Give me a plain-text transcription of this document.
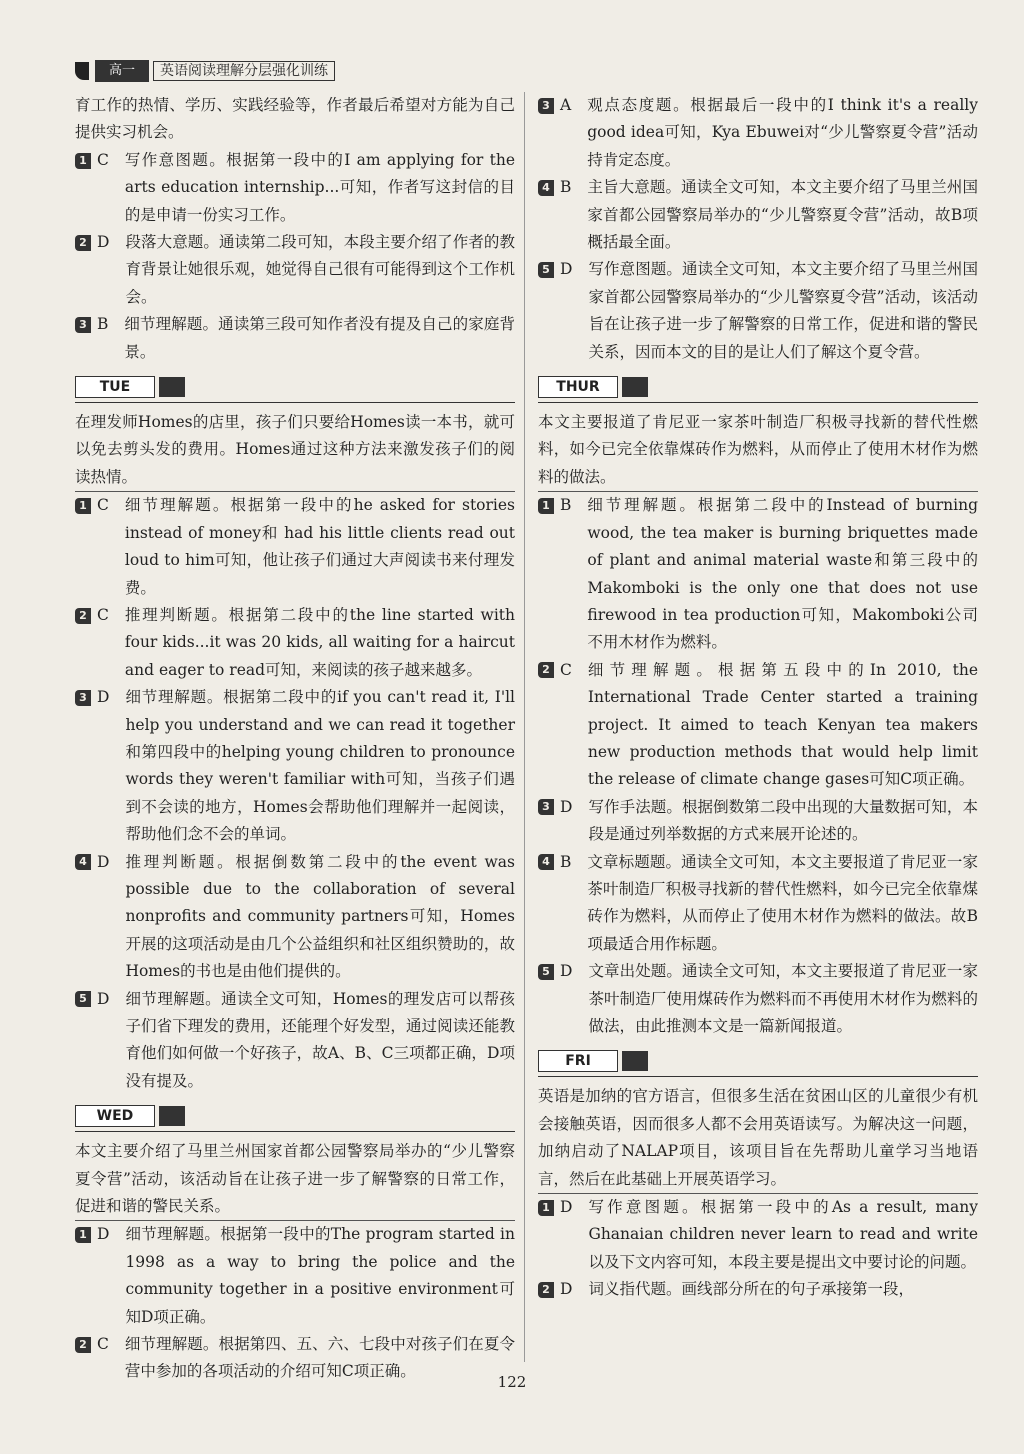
高一	英语阅读理解分层强化训练

育工作的热情、学历、实践经验等，作者最后希望对方能为自己提供实习机会。

1 C 写作意图题。根据第一段中的I am applying for the arts education internship...可知，作者写这封信的目的是申请一份实习工作。
2 D 段落大意题。通读第二段可知，本段主要介绍了作者的教育背景让她很乐观，她觉得自己很有可能得到这个工作机会。
3 B 细节理解题。通读第三段可知作者没有提及自己的家庭背景。
TUE

在理发师Homes的店里，孩子们只要给Homes读一本书，就可以免去剪头发的费用。Homes通过这种方法来激发孩子们的阅读热情。

1 C 细节理解题。根据第一段中的he asked for stories instead of money和 had his little clients read out loud to him可知，他让孩子们通过大声阅读书来付理发费。
2 C 推理判断题。根据第二段中的the line started with four kids...it was 20 kids, all waiting for a haircut and eager to read可知，来阅读的孩子越来越多。
3 D 细节理解题。根据第二段中的if you can't read it, I'll help you understand and we can read it together和第四段中的helping young children to pronounce words they weren't familiar with可知，当孩子们遇到不会读的地方，Homes会帮助他们理解并一起阅读，帮助他们念不会的单词。
4 D 推理判断题。根据倒数第二段中的the event was possible due to the collaboration of several nonprofits and community partners可知，Homes开展的这项活动是由几个公益组织和社区组织赞助的，故Homes的书也是由他们提供的。
5 D 细节理解题。通读全文可知，Homes的理发店可以帮孩子们省下理发的费用，还能理个好发型，通过阅读还能教育他们如何做一个好孩子，故A、B、C三项都正确，D项没有提及。
WED

本文主要介绍了马里兰州国家首都公园警察局举办的“少儿警察夏令营”活动，该活动旨在让孩子进一步了解警察的日常工作，促进和谐的警民关系。

1 D 细节理解题。根据第一段中的The program started in 1998 as a way to bring the police and the community together in a positive environment可知D项正确。
2 C 细节理解题。根据第四、五、六、七段中对孩子们在夏令营中参加的各项活动的介绍可知C项正确。
3 A 观点态度题。根据最后一段中的I think it's a really good idea可知，Kya Ebuwei对“少儿警察夏令营”活动持肯定态度。
4 B 主旨大意题。通读全文可知，本文主要介绍了马里兰州国家首都公园警察局举办的“少儿警察夏令营”活动，故B项概括最全面。
5 D 写作意图题。通读全文可知，本文主要介绍了马里兰州国家首都公园警察局举办的“少儿警察夏令营”活动，该活动旨在让孩子进一步了解警察的日常工作，促进和谐的警民关系，因而本文的目的是让人们了解这个夏令营。
THUR

本文主要报道了肯尼亚一家茶叶制造厂积极寻找新的替代性燃料，如今已完全依靠煤砖作为燃料，从而停止了使用木材作为燃料的做法。

1 B 细节理解题。根据第二段中的Instead of burning wood, the tea maker is burning briquettes made of plant and animal material waste和第三段中的Makomboki is the only one that does not use firewood in tea production可知，Makomboki公司不用木材作为燃料。
2 C 细节理解题。根据第五段中的In 2010, the International Trade Center started a training project. It aimed to teach Kenyan tea makers new production methods that would help limit the release of climate change gases可知C项正确。
3 D 写作手法题。根据倒数第二段中出现的大量数据可知，本段是通过列举数据的方式来展开论述的。
4 B 文章标题题。通读全文可知，本文主要报道了肯尼亚一家茶叶制造厂积极寻找新的替代性燃料，如今已完全依靠煤砖作为燃料，从而停止了使用木材作为燃料的做法。故B项最适合用作标题。
5 D 文章出处题。通读全文可知，本文主要报道了肯尼亚一家茶叶制造厂使用煤砖作为燃料而不再使用木材作为燃料的做法，由此推测本文是一篇新闻报道。
FRI

英语是加纳的官方语言，但很多生活在贫困山区的儿童很少有机会接触英语，因而很多人都不会用英语读写。为解决这一问题，加纳启动了NALAP项目，该项目旨在先帮助儿童学习当地语言，然后在此基础上开展英语学习。

1 D 写作意图题。根据第一段中的As a result, many Ghanaian children never learn to read and write以及下文内容可知，本段主要是提出文中要讨论的问题。
2 D 词义指代题。画线部分所在的句子承接第一段，
122
